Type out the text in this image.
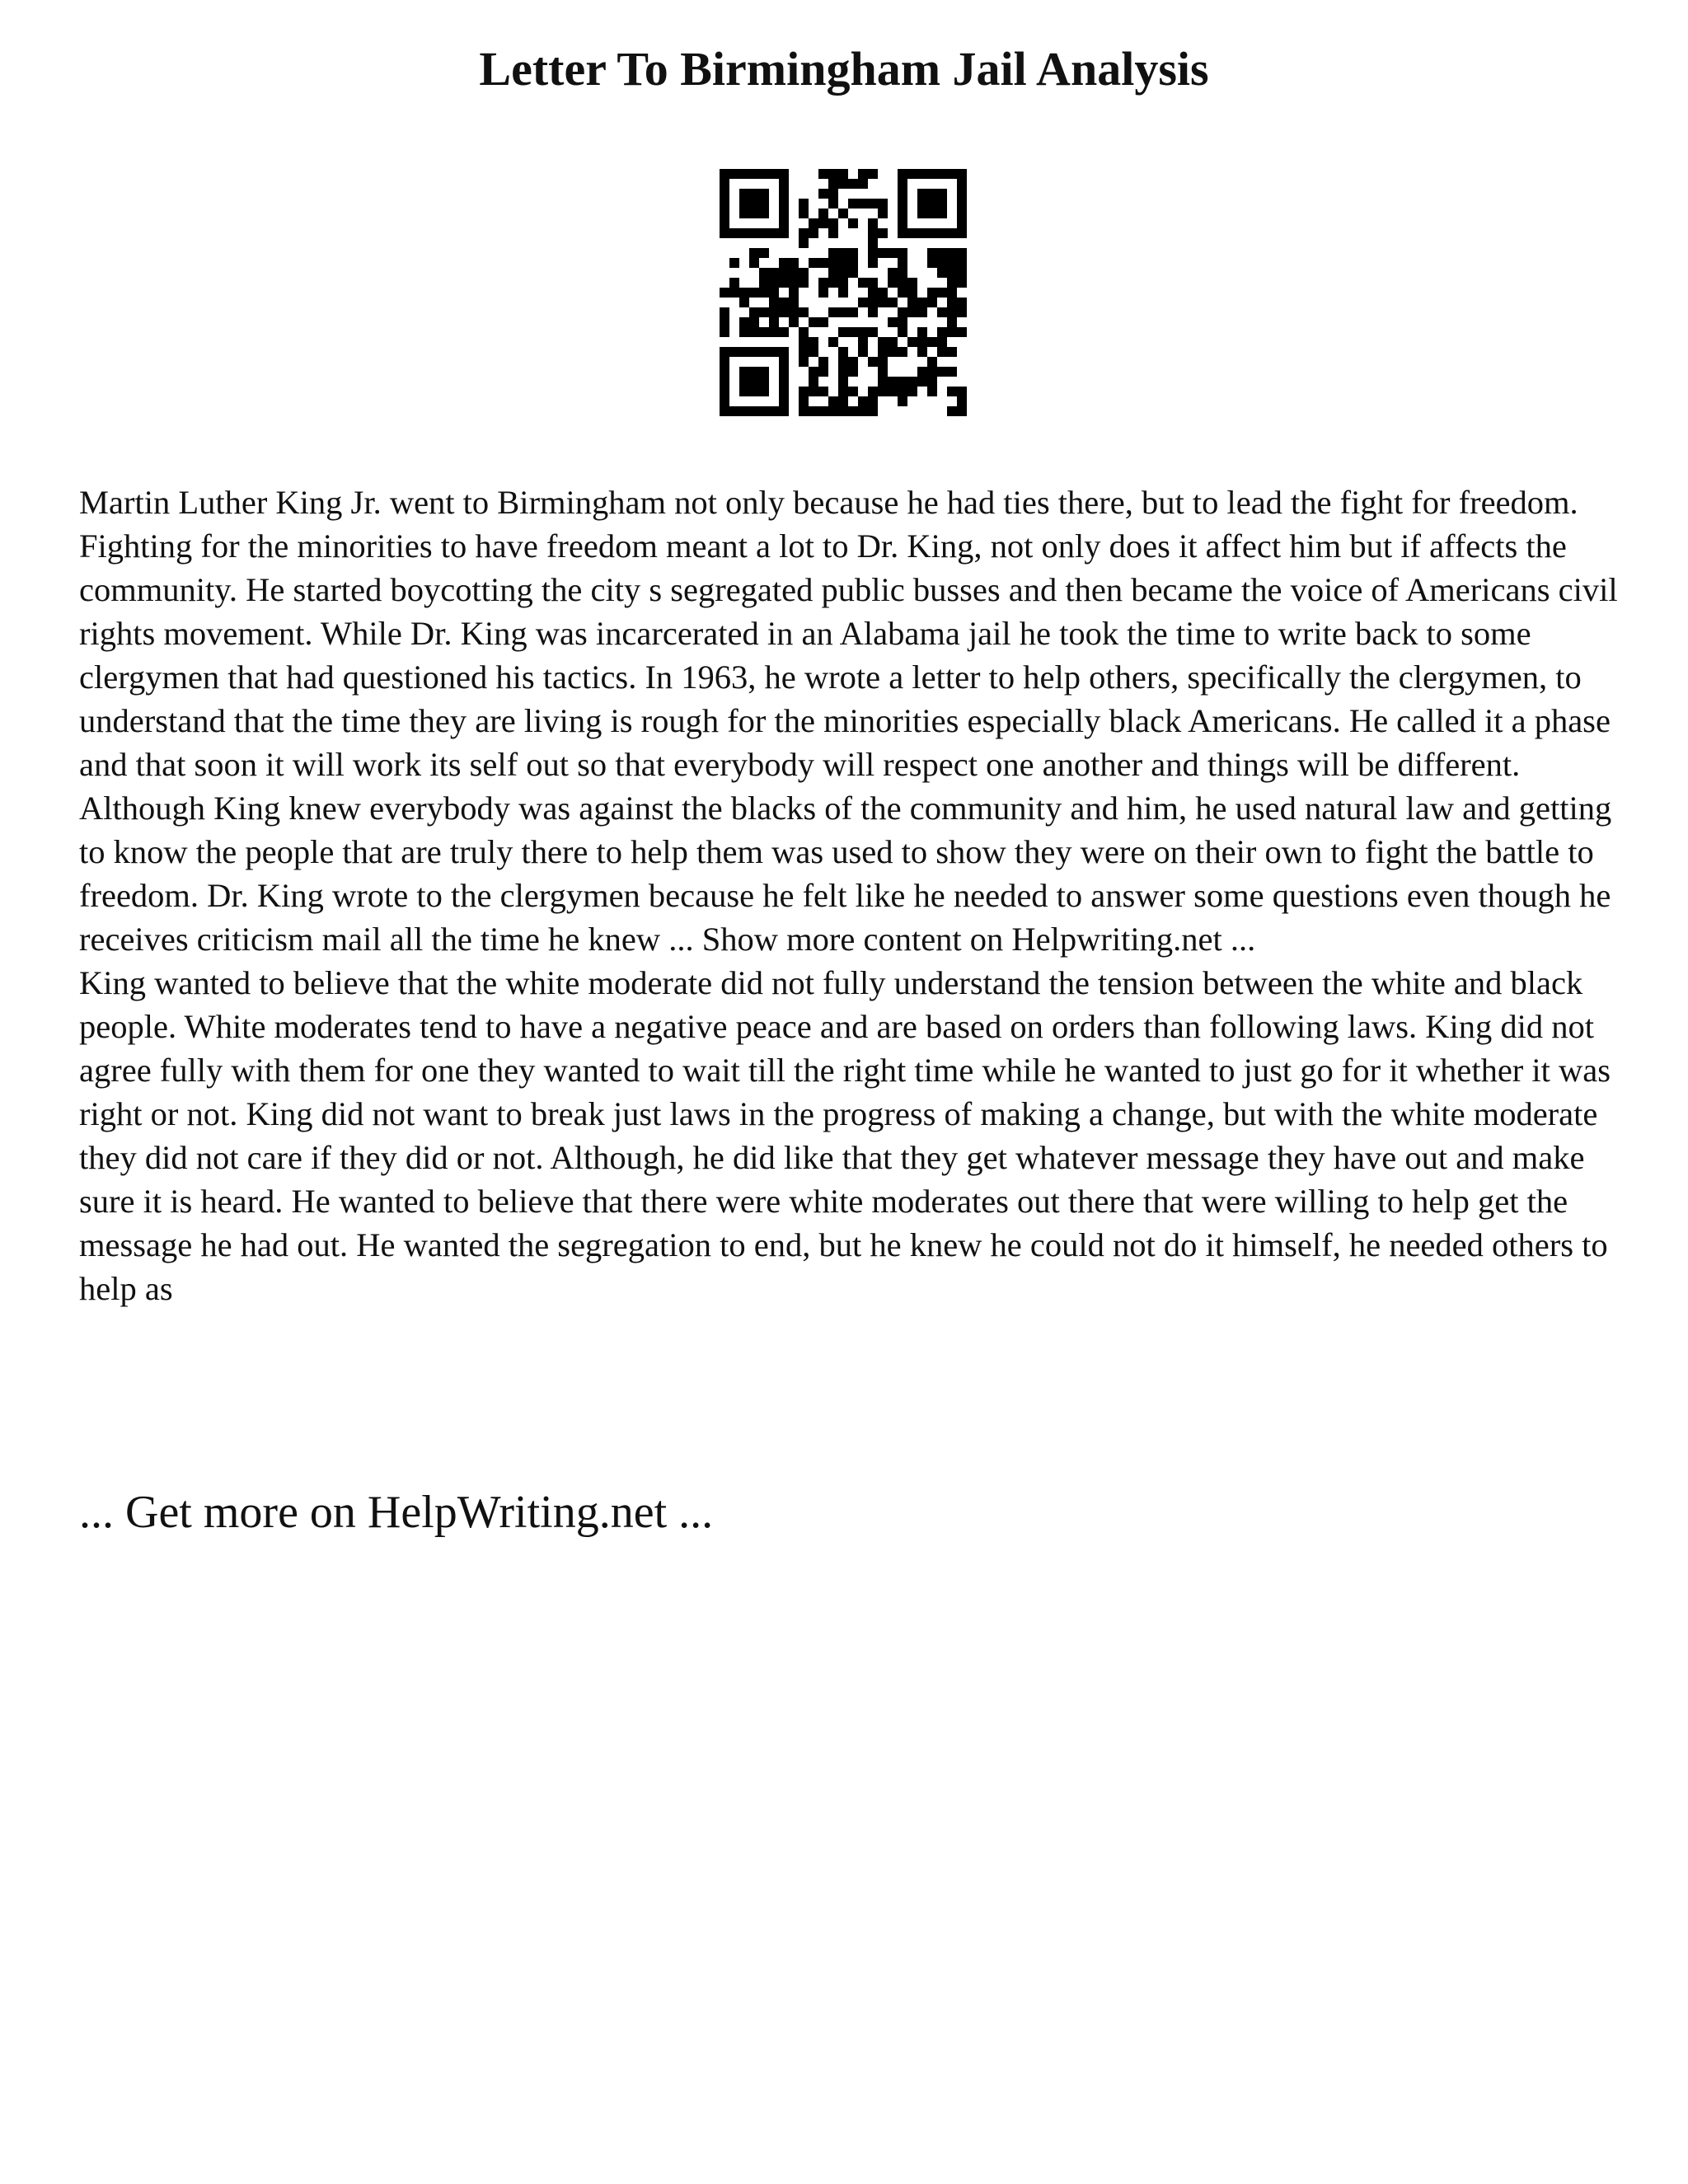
Letter To Birmingham Jail Analysis

Martin Luther King Jr. went to Birmingham not only because he had ties there, but to lead the fight for freedom. Fighting for the minorities to have freedom meant a lot to Dr. King, not only does it affect him but if affects the community. He started boycotting the city s segregated public busses and then became the voice of Americans civil rights movement. While Dr. King was incarcerated in an Alabama jail he took the time to write back to some clergymen that had questioned his tactics. In 1963, he wrote a letter to help others, specifically the clergymen, to understand that the time they are living is rough for the minorities especially black Americans. He called it a phase and that soon it will work its self out so that everybody will respect one another and things will be different. Although King knew everybody was against the blacks of the community and him, he used natural law and getting to know the people that are truly there to help them was used to show they were on their own to fight the battle to freedom. Dr. King wrote to the clergymen because he felt like he needed to answer some questions even though he receives criticism mail all the time he knew ... Show more content on Helpwriting.net ...

King wanted to believe that the white moderate did not fully understand the tension between the white and black people. White moderates tend to have a negative peace and are based on orders than following laws. King did not agree fully with them for one they wanted to wait till the right time while he wanted to just go for it whether it was right or not. King did not want to break just laws in the progress of making a change, but with the white moderate they did not care if they did or not. Although, he did like that they get whatever message they have out and make sure it is heard. He wanted to believe that there were white moderates out there that were willing to help get the message he had out. He wanted the segregation to end, but he knew he could not do it himself, he needed others to help as

... Get more on HelpWriting.net ...
